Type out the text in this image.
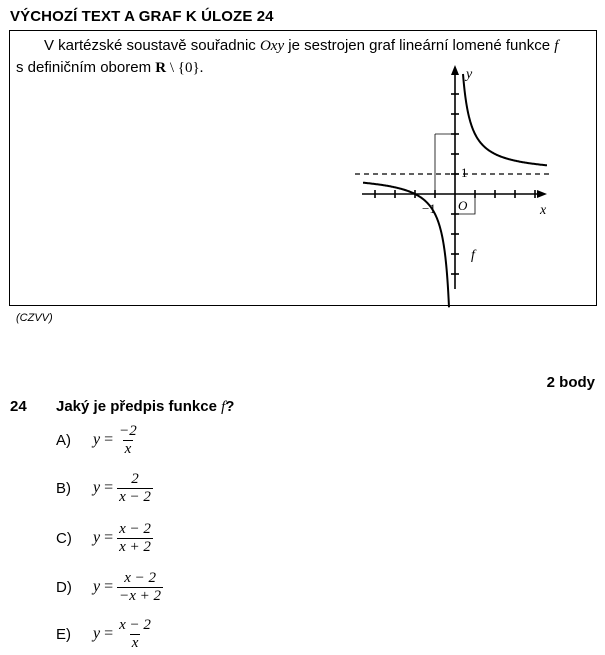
VÝCHOZÍ TEXT A GRAF K ÚLOZE 24
V kartézské soustavě souřadnic Oxy je sestrojen graf lineární lomené funkce f
s definičním oborem R \ {0}.	y
x
1
−1 O
f
(CZVV)
2 body
24 Jaký je předpis funkce f?
A)	$y = \frac{-2}{x}$
B)	$y = \frac{2}{x - 2}$
C)	$y = \frac{x - 2}{x + 2}$
D)	$y = \frac{x - 2}{-x + 2}$
E)	$y = \frac{x - 2}{x}$
